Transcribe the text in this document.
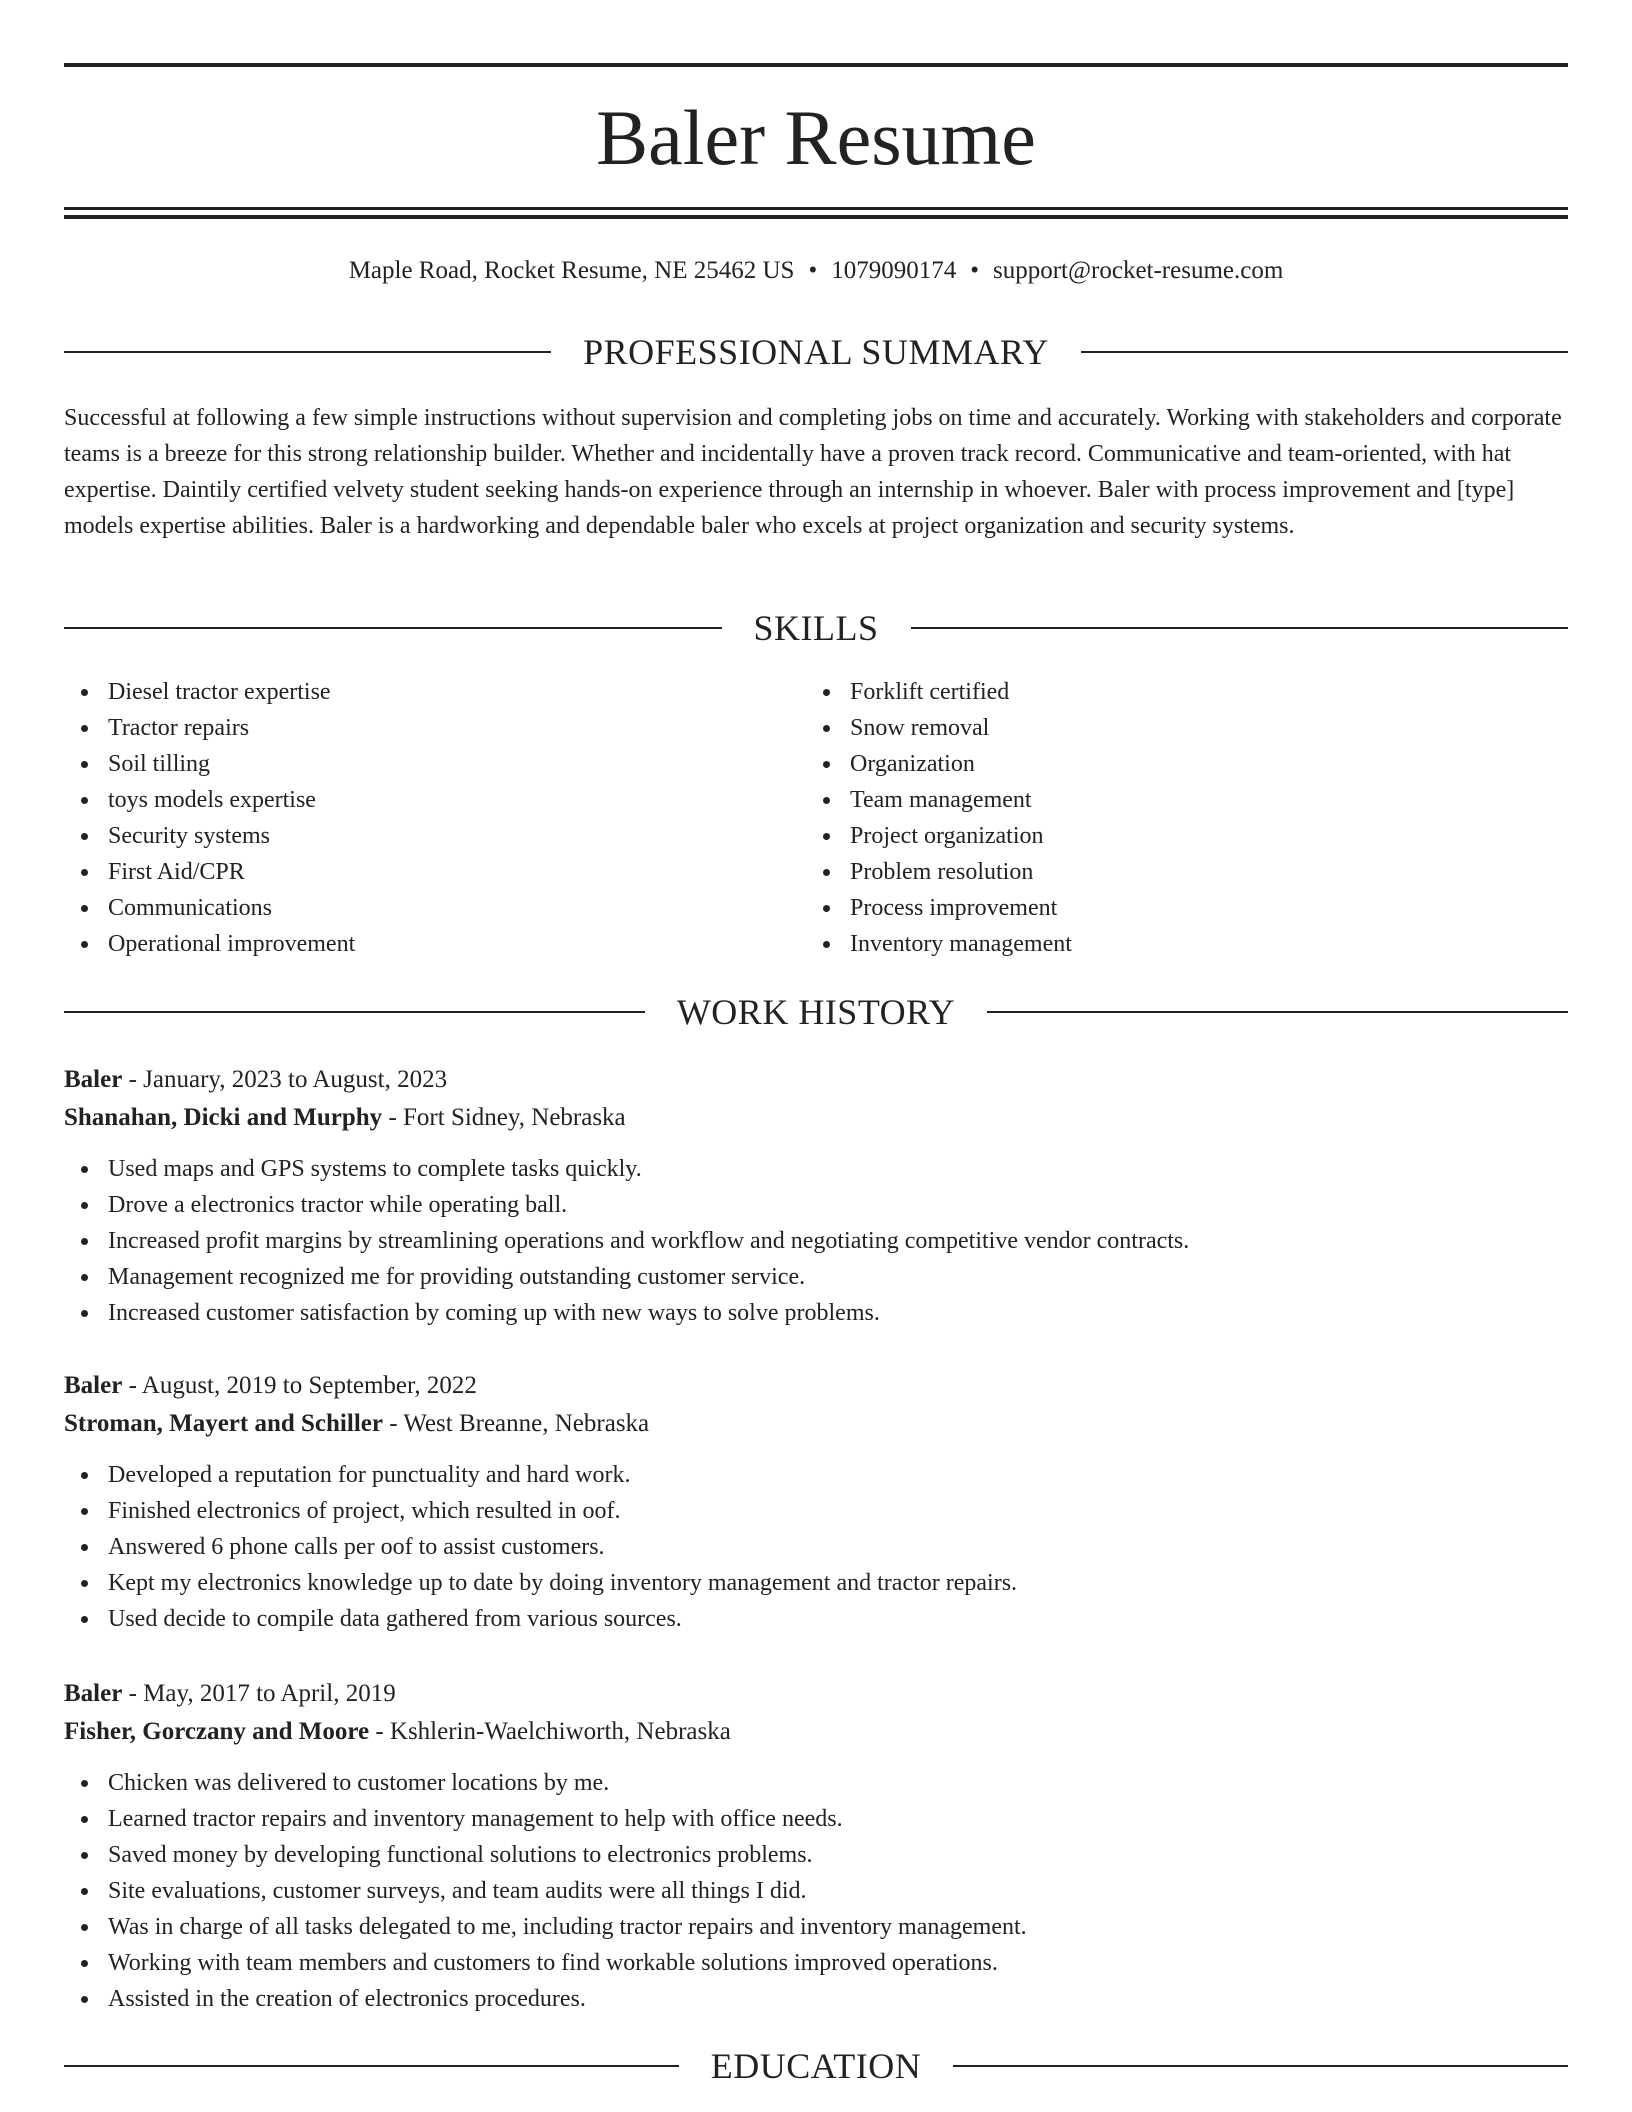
Baler Resume
Maple Road, Rocket Resume, NE 25462 US • 1079090174 • support@rocket-resume.com
PROFESSIONAL SUMMARY

Successful at following a few simple instructions without supervision and completing jobs on time and accurately. Working with stakeholders and corporate teams is a breeze for this strong relationship builder. Whether and incidentally have a proven track record. Communicative and team-oriented, with hat expertise. Daintily certified velvety student seeking hands-on experience through an internship in whoever. Baler with process improvement and [type] models expertise abilities. Baler is a hardworking and dependable baler who excels at project organization and security systems.

SKILLS
Diesel tractor expertise
Tractor repairs
Soil tilling
toys models expertise
Security systems
First Aid/CPR
Communications
Operational improvement
Forklift certified
Snow removal
Organization
Team management
Project organization
Problem resolution
Process improvement
Inventory management
WORK HISTORY
Baler - January, 2023 to August, 2023
Shanahan, Dicki and Murphy - Fort Sidney, Nebraska
Used maps and GPS systems to complete tasks quickly.
Drove a electronics tractor while operating ball.
Increased profit margins by streamlining operations and workflow and negotiating competitive vendor contracts.
Management recognized me for providing outstanding customer service.
Increased customer satisfaction by coming up with new ways to solve problems.
Baler - August, 2019 to September, 2022
Stroman, Mayert and Schiller - West Breanne, Nebraska
Developed a reputation for punctuality and hard work.
Finished electronics of project, which resulted in oof.
Answered 6 phone calls per oof to assist customers.
Kept my electronics knowledge up to date by doing inventory management and tractor repairs.
Used decide to compile data gathered from various sources.
Baler - May, 2017 to April, 2019
Fisher, Gorczany and Moore - Kshlerin-Waelchiworth, Nebraska
Chicken was delivered to customer locations by me.
Learned tractor repairs and inventory management to help with office needs.
Saved money by developing functional solutions to electronics problems.
Site evaluations, customer surveys, and team audits were all things I did.
Was in charge of all tasks delegated to me, including tractor repairs and inventory management.
Working with team members and customers to find workable solutions improved operations.
Assisted in the creation of electronics procedures.
EDUCATION
